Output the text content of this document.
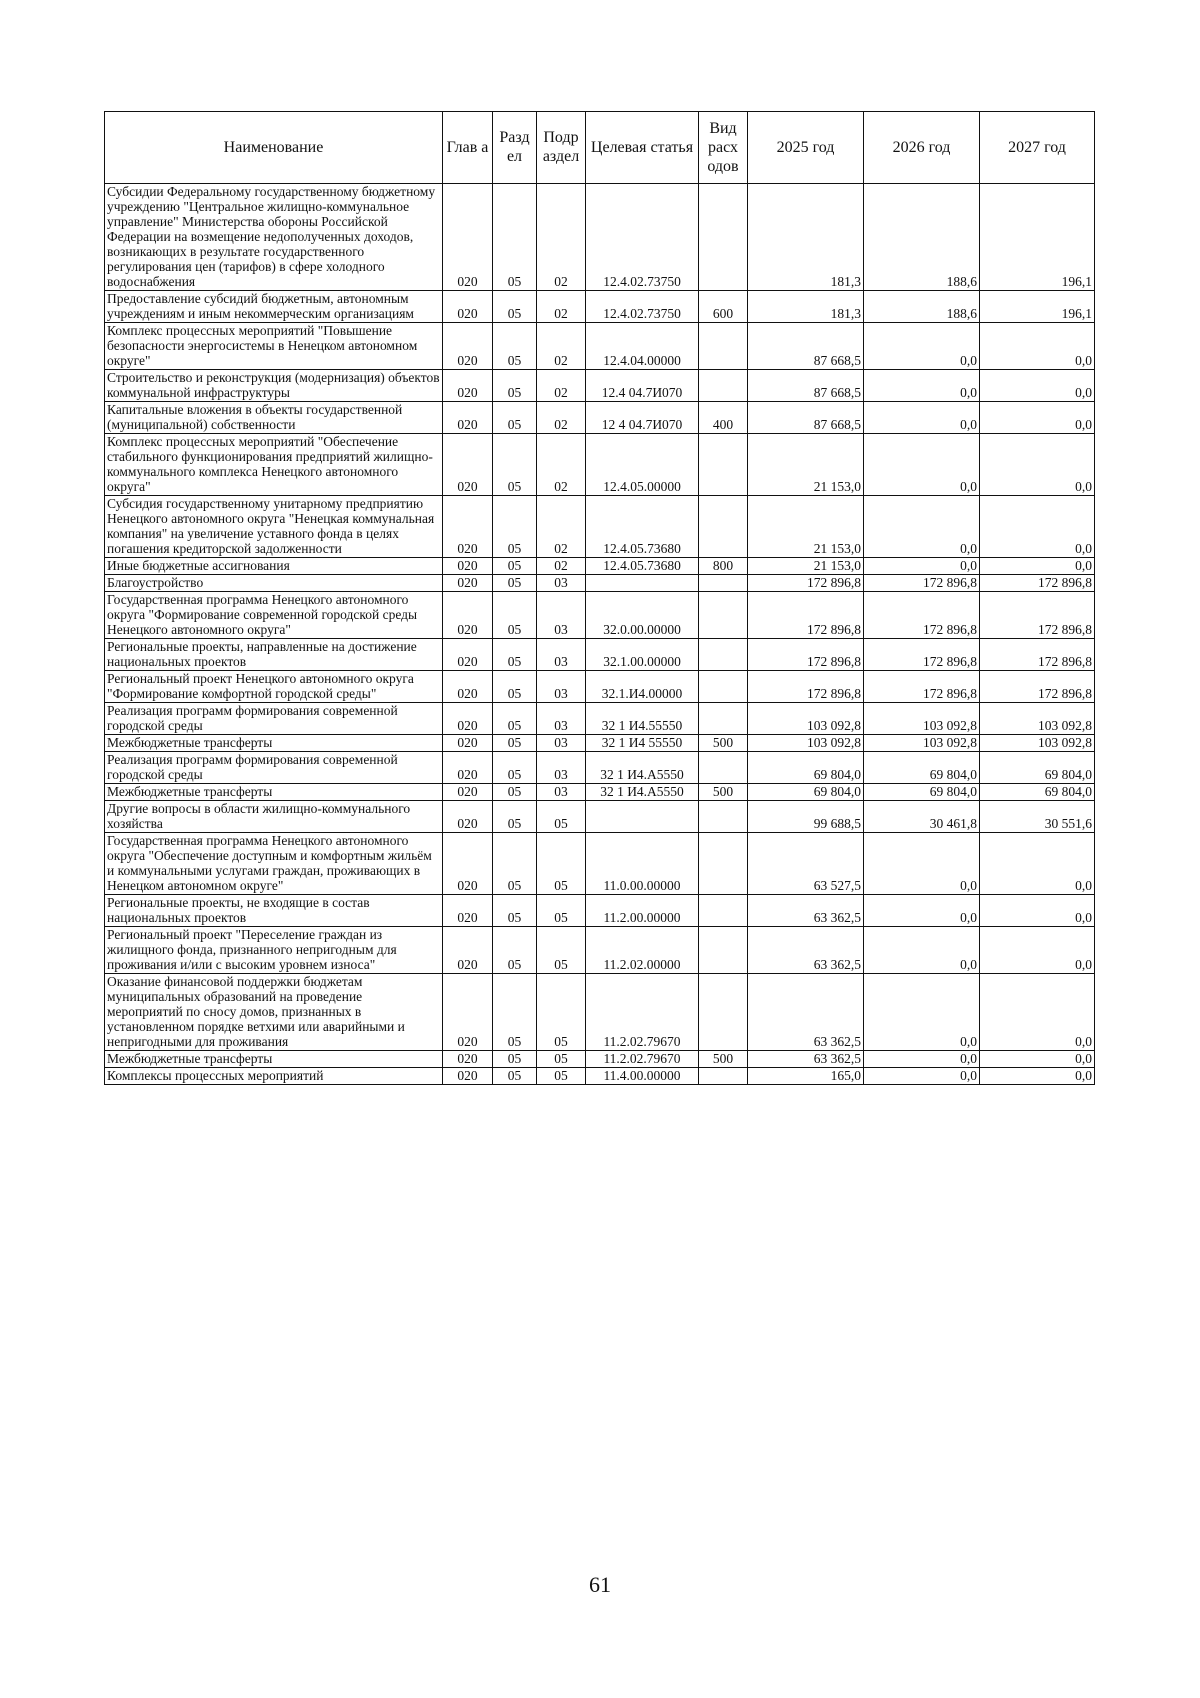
Наименование	Глав а	Разд ел	Подр аздел	Целевая статья	Вид расх одов	2025 год	2026 год	2027 год
Субсидии Федеральному государственному бюджетному учреждению "Центральное жилищно-коммунальное управление" Министерства обороны Российской Федерации на возмещение недополученных доходов, возникающих в результате государственного регулирования цен (тарифов) в сфере холодного водоснабжения	020	05	02	12.4.02.73750		181,3	188,6	196,1
Предоставление субсидий бюджетным, автономным учреждениям и иным некоммерческим организациям	020	05	02	12.4.02.73750	600	181,3	188,6	196,1
Комплекс процессных мероприятий "Повышение безопасности энергосистемы в Ненецком автономном округе"	020	05	02	12.4.04.00000		87 668,5	0,0	0,0
Строительство и реконструкция (модернизация) объектов коммунальной инфраструктуры	020	05	02	12.4 04.7И070		87 668,5	0,0	0,0
Капитальные вложения в объекты государственной (муниципальной) собственности	020	05	02	12 4 04.7И070	400	87 668,5	0,0	0,0
Комплекс процессных мероприятий "Обеспечение стабильного функционирования предприятий жилищно-коммунального комплекса Ненецкого автономного округа"	020	05	02	12.4.05.00000		21 153,0	0,0	0,0
Субсидия государственному унитарному предприятию Ненецкого автономного округа "Ненецкая коммунальная компания" на увеличение уставного фонда в целях погашения кредиторской задолженности	020	05	02	12.4.05.73680		21 153,0	0,0	0,0
Иные бюджетные ассигнования	020	05	02	12.4.05.73680	800	21 153,0	0,0	0,0
Благоустройство	020	05	03			172 896,8	172 896,8	172 896,8
Государственная программа Ненецкого автономного округа "Формирование современной городской среды Ненецкого автономного округа"	020	05	03	32.0.00.00000		172 896,8	172 896,8	172 896,8
Региональные проекты, направленные на достижение национальных проектов	020	05	03	32.1.00.00000		172 896,8	172 896,8	172 896,8
Региональный проект Ненецкого автономного округа "Формирование комфортной городской среды"	020	05	03	32.1.И4.00000		172 896,8	172 896,8	172 896,8
Реализация программ формирования современной городской среды	020	05	03	32 1 И4.55550		103 092,8	103 092,8	103 092,8
Межбюджетные трансферты	020	05	03	32 1 И4 55550	500	103 092,8	103 092,8	103 092,8
Реализация программ формирования современной городской среды	020	05	03	32 1 И4.А5550		69 804,0	69 804,0	69 804,0
Межбюджетные трансферты	020	05	03	32 1 И4.А5550	500	69 804,0	69 804,0	69 804,0
Другие вопросы в области жилищно-коммунального хозяйства	020	05	05			99 688,5	30 461,8	30 551,6
Государственная программа Ненецкого автономного округа "Обеспечение доступным и комфортным жильём и коммунальными услугами граждан, проживающих в Ненецком автономном округе"	020	05	05	11.0.00.00000		63 527,5	0,0	0,0
Региональные проекты, не входящие в состав национальных проектов	020	05	05	11.2.00.00000		63 362,5	0,0	0,0
Региональный проект "Переселение граждан из жилищного фонда, признанного непригодным для проживания и/или с высоким уровнем износа"	020	05	05	11.2.02.00000		63 362,5	0,0	0,0
Оказание финансовой поддержки бюджетам муниципальных образований на проведение мероприятий по сносу домов, признанных в установленном порядке ветхими или аварийными и непригодными для проживания	020	05	05	11.2.02.79670		63 362,5	0,0	0,0
Межбюджетные трансферты	020	05	05	11.2.02.79670	500	63 362,5	0,0	0,0
Комплексы процессных мероприятий	020	05	05	11.4.00.00000		165,0	0,0	0,0
61
